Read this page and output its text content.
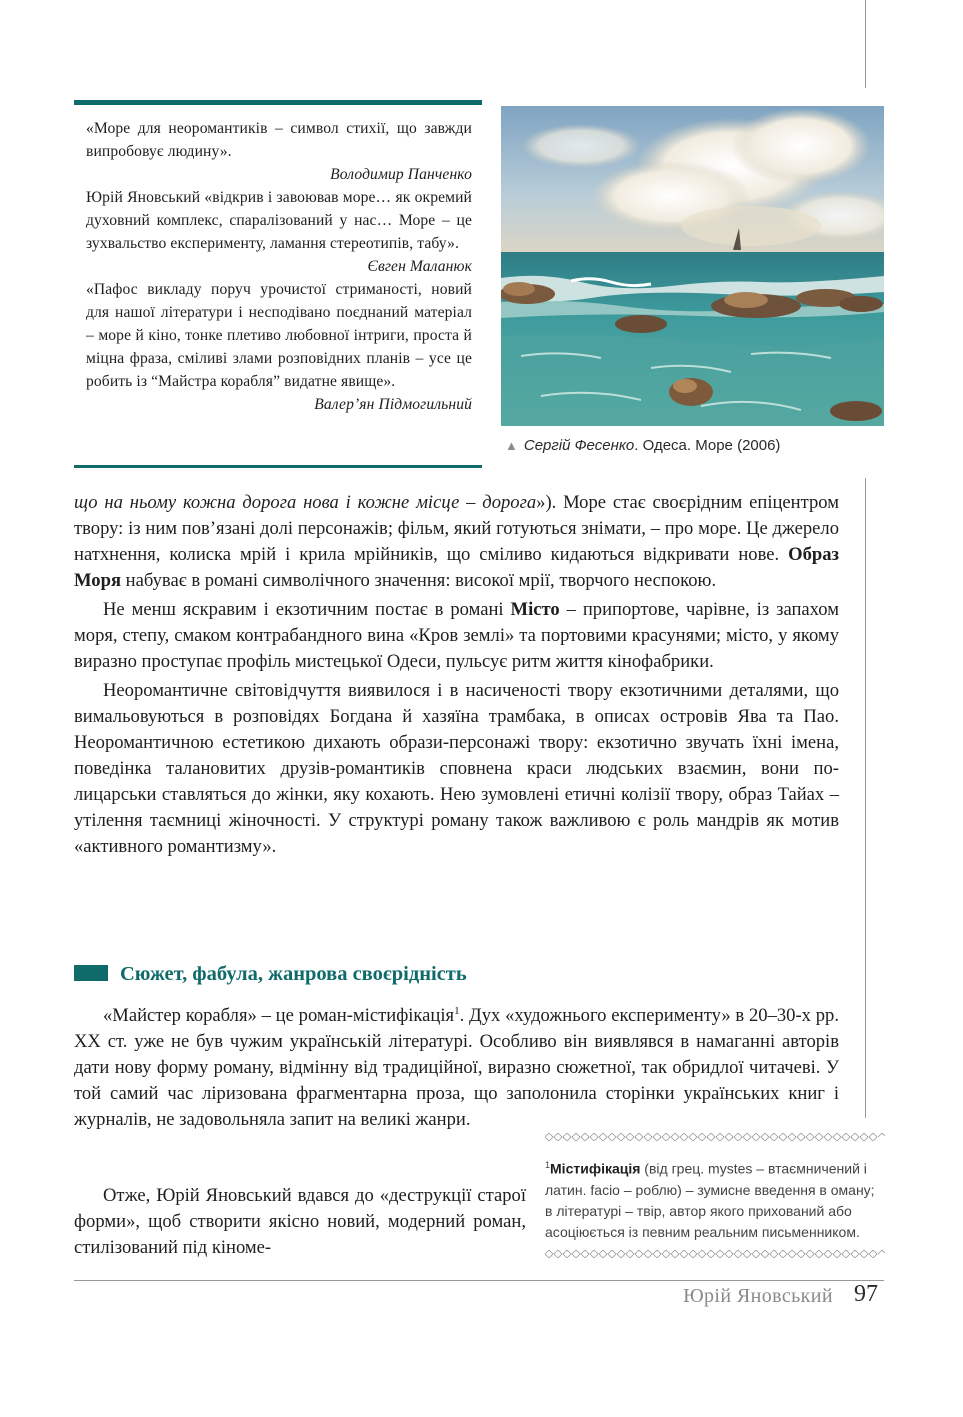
«Море для неоромантиків – символ стихії, що завжди випробовує людину».

Володимир Панченко

Юрій Яновський «відкрив і завоював море… як окремий духовний комплекс, спаралізований у нас… Море – це зухвальство експерименту, ламання стереотипів, табу».

Євген Маланюк

«Пафос викладу поруч урочистої стриманості, новий для нашої літератури і несподівано поєднаний матеріал – море й кіно, тонке плетиво любовної інтриги, проста й міцна фраза, сміливі злами розповідних планів – усе це робить із “Майстра корабля” видатне явище».

Валер’ян Підмогильний

▲ Сергій Фесенко. Одеса. Море (2006)

що на ньому кожна дорога нова і кожне місце – дорога»). Море стає своєрідним епіцентром твору: із ним пов’язані долі персонажів; фільм, який готуються знімати, – про море. Це джерело натхнення, колиска мрій і крила мрійників, що сміливо кидаються відкривати нове. Образ Моря набуває в романі символічного значення: високої мрії, творчого неспокою.

Не менш яскравим і екзотичним постає в романі Місто – припортове, чарівне, із запахом моря, степу, смаком контрабандного вина «Кров землі» та портовими красунями; місто, у якому виразно проступає профіль мистецької Одеси, пульсує ритм життя кінофабрики.

Неоромантичне світовідчуття виявилося і в насиченості твору екзотичними деталями, що вимальовуються в розповідях Богдана й хазяїна трамбака, в описах островів Ява та Пао. Неоромантичною естетикою дихають образи-персонажі твору: екзотично звучать їхні імена, поведінка талановитих друзів-романтиків сповнена краси людських взаємин, вони по-лицарськи ставляться до жінки, яку кохають. Нею зумовлені етичні колізії твору, образ Тайах – утілення таємниці жіночності. У структурі роману також важливою є роль мандрів як мотив «активного романтизму».

Сюжет, фабула, жанрова своєрідність

«Майстер корабля» – це роман-містифікація$^1$. Дух «художнього експерименту» в 20–30-х рр. XX ст. уже не був чужим українській літературі. Особливо він виявлявся в намаганні авторів дати нову форму роману, відмінну від традиційної, виразно сюжетної, так обридлої читачеві. У той самий час ліризована фрагментарна проза, що заполонила сторінки українських книг і журналів, не задовольняла запит на великі жанри.

Отже, Юрій Яновський вдався до «деструкції старої форми», щоб створити якісно новий, модерний роман, стилізований під кіноме-

$^1$Містифікація (від грец. mystes – втаємничений і латин. facio – роблю) – зумисне введення в оману; в літературі – твір, автор якого прихований або асоціюється із певним реальним письменником.
Юрій Яновський 97
